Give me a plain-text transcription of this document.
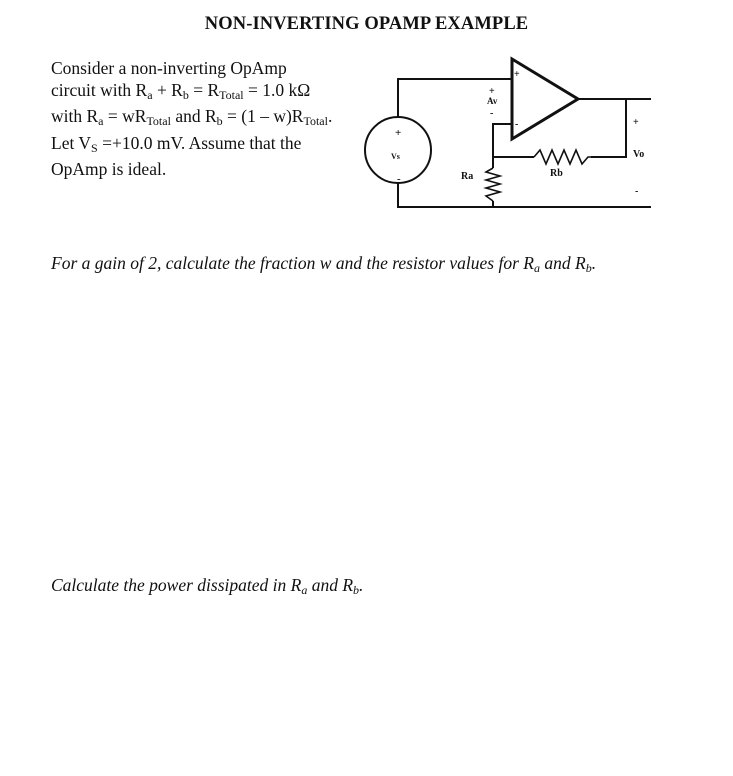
NON-INVERTING OPAMP EXAMPLE
Consider a non-inverting OpAmp
circuit with $R_a + R_b = R_{Total} = 1.0$ kΩ
with $R_a = wR_{Total}$ and $R_b = (1 - w)R_{Total}$.
Let $V_S =+10.0$ mV. Assume that the
OpAmp is ideal.
+
Vs
-
+
Av
-
+
-
Ra	Rb
+
Vo
-
For a gain of 2, calculate the fraction w and the resistor values for $R_a$ and $R_b$.
Calculate the power dissipated in $R_a$ and $R_b$.
